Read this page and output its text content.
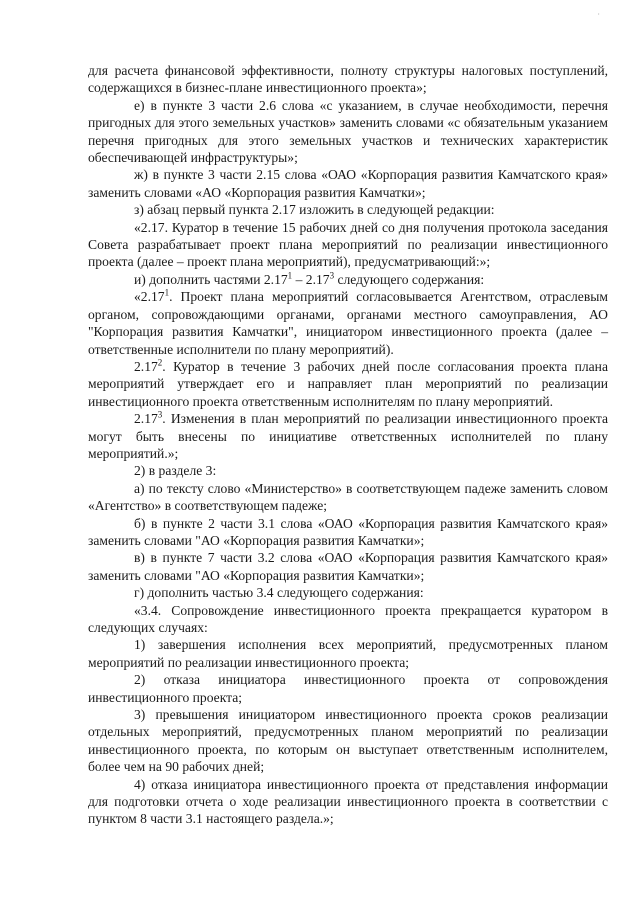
·

для расчета финансовой эффективности, полноту структуры налоговых поступлений, содержащихся в бизнес-плане инвестиционного проекта»;

е) в пункте 3 части 2.6 слова «с указанием, в случае необходимости, перечня пригодных для этого земельных участков» заменить словами «с обязательным указанием перечня пригодных для этого земельных участков и технических характеристик обеспечивающей инфраструктуры»;

ж) в пункте 3 части 2.15 слова «ОАО «Корпорация развития Камчатского края» заменить словами «АО «Корпорация развития Камчатки»;

з) абзац первый пункта 2.17 изложить в следующей редакции:

«2.17. Куратор в течение 15 рабочих дней со дня получения протокола заседания Совета разрабатывает проект плана мероприятий по реализации инвестиционного проекта (далее – проект плана мероприятий), предусматривающий:»;

и) дополнить частями 2.17$^1$ – 2.17$^3$ следующего содержания:

«2.17$^1$. Проект плана мероприятий согласовывается Агентством, отраслевым органом, сопровождающими органами, органами местного самоуправления, АО "Корпорация развития Камчатки", инициатором инвестиционного проекта (далее – ответственные исполнители по плану мероприятий).

2.17$^2$. Куратор в течение 3 рабочих дней после согласования проекта плана мероприятий утверждает его и направляет план мероприятий по реализации инвестиционного проекта ответственным исполнителям по плану мероприятий.

2.17$^3$. Изменения в план мероприятий по реализации инвестиционного проекта могут быть внесены по инициативе ответственных исполнителей по плану мероприятий.»;

2) в разделе 3:

а) по тексту слово «Министерство» в соответствующем падеже заменить словом «Агентство» в соответствующем падеже;

б) в пункте 2 части 3.1 слова «ОАО «Корпорация развития Камчатского края» заменить словами "АО «Корпорация развития Камчатки»;

в) в пункте 7 части 3.2 слова «ОАО «Корпорация развития Камчатского края» заменить словами "АО «Корпорация развития Камчатки»;

г) дополнить частью 3.4 следующего содержания:

«3.4. Сопровождение инвестиционного проекта прекращается куратором в следующих случаях:

1) завершения исполнения всех мероприятий, предусмотренных планом мероприятий по реализации инвестиционного проекта;

2) отказа инициатора инвестиционного проекта от сопровождения инвестиционного проекта;

3) превышения инициатором инвестиционного проекта сроков реализации отдельных мероприятий, предусмотренных планом мероприятий по реализации инвестиционного проекта, по которым он выступает ответственным исполнителем, более чем на 90 рабочих дней;

4) отказа инициатора инвестиционного проекта от представления информации для подготовки отчета о ходе реализации инвестиционного проекта в соответствии с пунктом 8 части 3.1 настоящего раздела.»;
